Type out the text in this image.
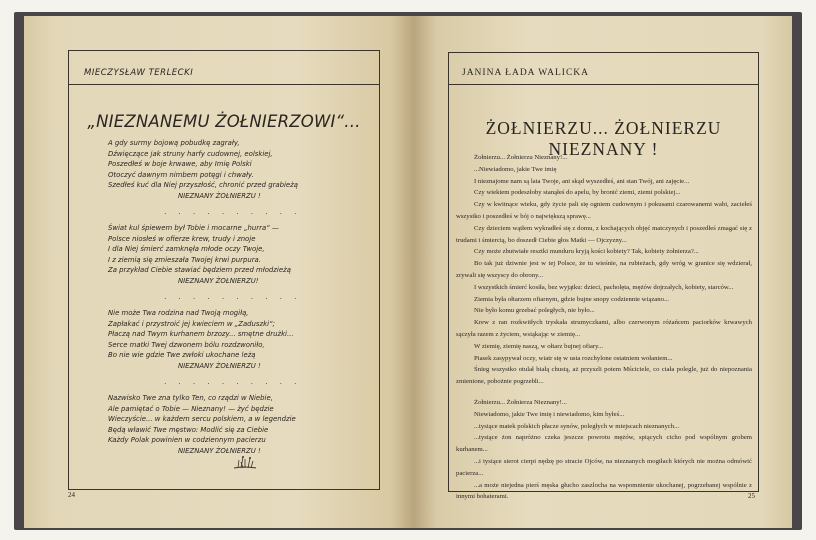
MIECZYSŁAW TERLECKI
„NIEZNANEMU ŻOŁNIERZOWI“...
A gdy surmy bojową pobudkę zagrały,
Dźwięczące jak struny harfy cudownej, eolskiej,
Poszedłeś w boje krwawe, aby Imię Polski
Otoczyć dawnym nimbem potęgi i chwały.
Szedłeś kuć dla Niej przyszłość, chronić przed grabieżą
NIEZNANY ŻOŁNIERZU !
. . . . . . . . . .
Świat kul śpiewem był Tobie i mocarne „hurra“ —
Polsce niosłeś w ofierze krew, trudy i znoje
I dla Niej śmierć zamknęła młode oczy Twoje,
I z ziemią się zmieszała Twojej krwi purpura.
Za przykład Ciebie stawiać będziem przed młodzieżą
NIEZNANY ŻOŁNIERZU!
. . . . . . . . . .
Nie może Twa rodzina nad Twoją mogiłą,
Zapłakać i przystroić jej kwieciem w „Zaduszki“;
Płaczą nad Twym kurhanem brzozy... smętne drużki...
Serce matki Twej dzwonem bólu rozdzwoniło,
Bo nie wie gdzie Twe zwłoki ukochane leżą
NIEZNANY ŻOŁNIERZU !
. . . . . . . . . .
Nazwisko Twe zna tylko Ten, co rządzi w Niebie,
Ale pamiętać o Tobie — Nieznany! — żyć będzie
Wieczyście... w każdem sercu polskiem, a w legendzie
Będą wławić Twe męstwo: Modlić się za Ciebie
Każdy Polak powinien w codziennym pacierzu
NIEZNANY ŻOŁNIERZU !
24
JANINA ŁADA WALICKA
ŻOŁNIERZU... ŻOŁNIERZU NIEZNANY !

Żołnierzu... Żołnierzu Nieznany!...

...Niewiadomo, jakie Twe imię

I nieznajome nam są lata Twoje, ani skąd wyszedłeś, ani stan Twój, ani zajęcie...

Czy wiekiem podeszłoby stanąłeś do apelu, by bronić ziemi, ziemi polskiej...

Czy w kwitnące wieku, gdy życie pali się ogniem cudownym i pokusami czarowanemi wabi, zaciełeś wszystko i poszedłeś w bój o największą sprawę...

Czy dzieciem wątłem wykradłeś się z domu, z kochających objęć matczynych i poszedłeś zmagać się z trudami i śmiercią, bo doszedł Ciebie głos Matki — Ojczyzny...

Czy może zbutwiałe resztki munduru kryją kości kobiety? Tak, kobiety żołnierza?...

Bo tak już dziwnie jest w tej Polsce, że tu wieśnie, na rubieżach, gdy wróg w granice się wdzierał, zrywali się wszyscy do obrony...

I wszystkich śmierć kosiła, bez wyjątku: dzieci, pacholęta, mężów dojrzałych, kobiety, starców...

Ziemia była ołtarzem ofiarnym, gdzie bujne snopy codziennie wiązano...

Nie było komu grzebać poległych, nie było...

Krew z ran rozkwitłych tryskała strumyczkami, albo czerwonym różańcem paciorków krwawych sączyła razem z życiem, wsiąkając w ziemię...

W ziemię, ziemię naszą, w ołtarz bujnej ofiary...

Piasek zasypywał oczy, wiatr się w usta rozchylone ostatniem wołaniem...

Śnieg wszystko otulał białą chustą, aż przyszli potem Mściciele, co ciała polegle, już do niepoznania zmienione, pobożnie pogrzebli...

Żołnierzu... Żołnierza Nieznany!...

Niewiadomo, jakie Twe imię i niewiadomo, kim byłeś...

...tysiące matek polskich płacze synów, poległych w miejscach nieznanych...

...tysiące żon napróżno czeka jeszcze powrotu mężów, spiących cicho pod wspólnym grobem kurhanem...

...i tysiące sierot cierpi nędzę po stracie Ojców, na nieznanych mogiłach których nie można odmówić pacierza...

...a może niejedna pierś męska głucho zaszlocha na wspomnienie ukochanej, pogrzebanej wspólnie z innymi bohaterami.	25
